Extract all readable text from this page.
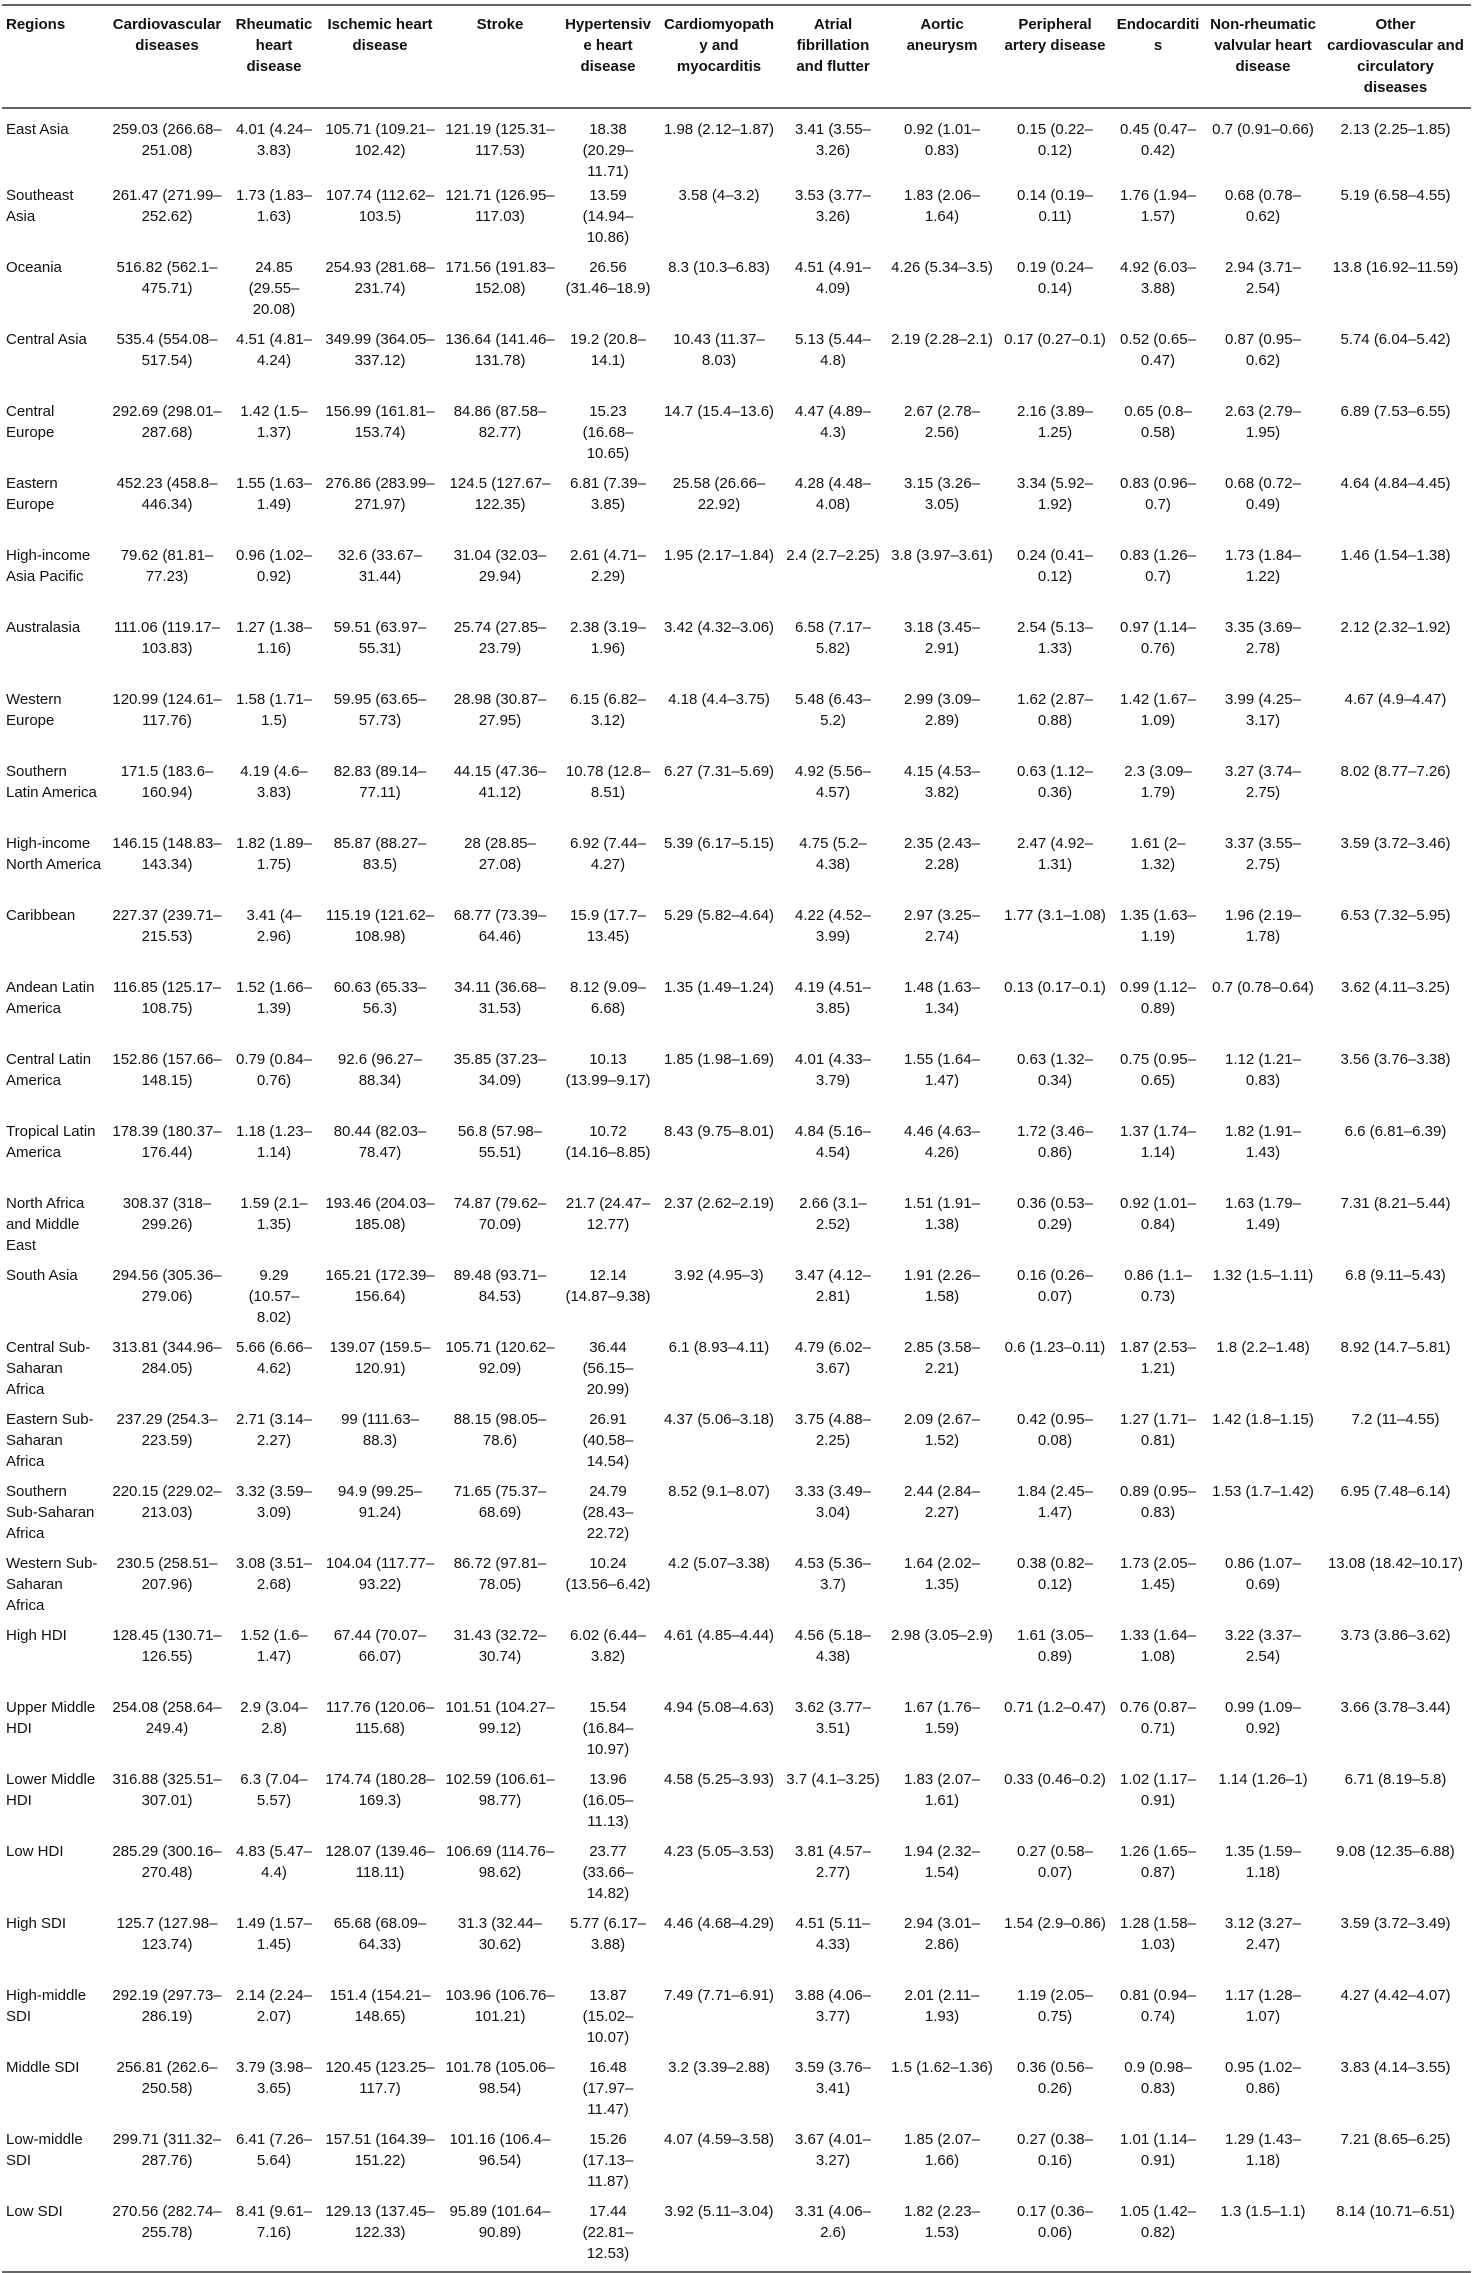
Regions	Cardiovascular diseases	Rheumatic heart disease	Ischemic heart disease	Stroke	Hypertensive heart disease	Cardiomyopathy and myocarditis	Atrial fibrillation and flutter	Aortic aneurysm	Peripheral artery disease	Endocarditis	Non-rheumatic valvular heart disease	Other cardiovascular and circulatory diseases
East Asia	259.03 (266.68–251.08)	4.01 (4.24–3.83)	105.71 (109.21–102.42)	121.19 (125.31–117.53)	18.38 (20.29–11.71)	1.98 (2.12–1.87)	3.41 (3.55–3.26)	0.92 (1.01–0.83)	0.15 (0.22–0.12)	0.45 (0.47–0.42)	0.7 (0.91–0.66)	2.13 (2.25–1.85)
Southeast Asia	261.47 (271.99–252.62)	1.73 (1.83–1.63)	107.74 (112.62–103.5)	121.71 (126.95–117.03)	13.59 (14.94–10.86)	3.58 (4–3.2)	3.53 (3.77–3.26)	1.83 (2.06–1.64)	0.14 (0.19–0.11)	1.76 (1.94–1.57)	0.68 (0.78–0.62)	5.19 (6.58–4.55)
Oceania	516.82 (562.1–475.71)	24.85 (29.55–20.08)	254.93 (281.68–231.74)	171.56 (191.83–152.08)	26.56 (31.46–18.9)	8.3 (10.3–6.83)	4.51 (4.91–4.09)	4.26 (5.34–3.5)	0.19 (0.24–0.14)	4.92 (6.03–3.88)	2.94 (3.71–2.54)	13.8 (16.92–11.59)
Central Asia	535.4 (554.08–517.54)	4.51 (4.81–4.24)	349.99 (364.05–337.12)	136.64 (141.46–131.78)	19.2 (20.8–14.1)	10.43 (11.37–8.03)	5.13 (5.44–4.8)	2.19 (2.28–2.1)	0.17 (0.27–0.1)	0.52 (0.65–0.47)	0.87 (0.95–0.62)	5.74 (6.04–5.42)
Central Europe	292.69 (298.01–287.68)	1.42 (1.5–1.37)	156.99 (161.81–153.74)	84.86 (87.58–82.77)	15.23 (16.68–10.65)	14.7 (15.4–13.6)	4.47 (4.89–4.3)	2.67 (2.78–2.56)	2.16 (3.89–1.25)	0.65 (0.8–0.58)	2.63 (2.79–1.95)	6.89 (7.53–6.55)
Eastern Europe	452.23 (458.8–446.34)	1.55 (1.63–1.49)	276.86 (283.99–271.97)	124.5 (127.67–122.35)	6.81 (7.39–3.85)	25.58 (26.66–22.92)	4.28 (4.48–4.08)	3.15 (3.26–3.05)	3.34 (5.92–1.92)	0.83 (0.96–0.7)	0.68 (0.72–0.49)	4.64 (4.84–4.45)
High-income Asia Pacific	79.62 (81.81–77.23)	0.96 (1.02–0.92)	32.6 (33.67–31.44)	31.04 (32.03–29.94)	2.61 (4.71–2.29)	1.95 (2.17–1.84)	2.4 (2.7–2.25)	3.8 (3.97–3.61)	0.24 (0.41–0.12)	0.83 (1.26–0.7)	1.73 (1.84–1.22)	1.46 (1.54–1.38)
Australasia	111.06 (119.17–103.83)	1.27 (1.38–1.16)	59.51 (63.97–55.31)	25.74 (27.85–23.79)	2.38 (3.19–1.96)	3.42 (4.32–3.06)	6.58 (7.17–5.82)	3.18 (3.45–2.91)	2.54 (5.13–1.33)	0.97 (1.14–0.76)	3.35 (3.69–2.78)	2.12 (2.32–1.92)
Western Europe	120.99 (124.61–117.76)	1.58 (1.71–1.5)	59.95 (63.65–57.73)	28.98 (30.87–27.95)	6.15 (6.82–3.12)	4.18 (4.4–3.75)	5.48 (6.43–5.2)	2.99 (3.09–2.89)	1.62 (2.87–0.88)	1.42 (1.67–1.09)	3.99 (4.25–3.17)	4.67 (4.9–4.47)
Southern Latin America	171.5 (183.6–160.94)	4.19 (4.6–3.83)	82.83 (89.14–77.11)	44.15 (47.36–41.12)	10.78 (12.8–8.51)	6.27 (7.31–5.69)	4.92 (5.56–4.57)	4.15 (4.53–3.82)	0.63 (1.12–0.36)	2.3 (3.09–1.79)	3.27 (3.74–2.75)	8.02 (8.77–7.26)
High-income North America	146.15 (148.83–143.34)	1.82 (1.89–1.75)	85.87 (88.27–83.5)	28 (28.85–27.08)	6.92 (7.44–4.27)	5.39 (6.17–5.15)	4.75 (5.2–4.38)	2.35 (2.43–2.28)	2.47 (4.92–1.31)	1.61 (2–1.32)	3.37 (3.55–2.75)	3.59 (3.72–3.46)
Caribbean	227.37 (239.71–215.53)	3.41 (4–2.96)	115.19 (121.62–108.98)	68.77 (73.39–64.46)	15.9 (17.7–13.45)	5.29 (5.82–4.64)	4.22 (4.52–3.99)	2.97 (3.25–2.74)	1.77 (3.1–1.08)	1.35 (1.63–1.19)	1.96 (2.19–1.78)	6.53 (7.32–5.95)
Andean Latin America	116.85 (125.17–108.75)	1.52 (1.66–1.39)	60.63 (65.33–56.3)	34.11 (36.68–31.53)	8.12 (9.09–6.68)	1.35 (1.49–1.24)	4.19 (4.51–3.85)	1.48 (1.63–1.34)	0.13 (0.17–0.1)	0.99 (1.12–0.89)	0.7 (0.78–0.64)	3.62 (4.11–3.25)
Central Latin America	152.86 (157.66–148.15)	0.79 (0.84–0.76)	92.6 (96.27–88.34)	35.85 (37.23–34.09)	10.13 (13.99–9.17)	1.85 (1.98–1.69)	4.01 (4.33–3.79)	1.55 (1.64–1.47)	0.63 (1.32–0.34)	0.75 (0.95–0.65)	1.12 (1.21–0.83)	3.56 (3.76–3.38)
Tropical Latin America	178.39 (180.37–176.44)	1.18 (1.23–1.14)	80.44 (82.03–78.47)	56.8 (57.98–55.51)	10.72 (14.16–8.85)	8.43 (9.75–8.01)	4.84 (5.16–4.54)	4.46 (4.63–4.26)	1.72 (3.46–0.86)	1.37 (1.74–1.14)	1.82 (1.91–1.43)	6.6 (6.81–6.39)
North Africa and Middle East	308.37 (318–299.26)	1.59 (2.1–1.35)	193.46 (204.03–185.08)	74.87 (79.62–70.09)	21.7 (24.47–12.77)	2.37 (2.62–2.19)	2.66 (3.1–2.52)	1.51 (1.91–1.38)	0.36 (0.53–0.29)	0.92 (1.01–0.84)	1.63 (1.79–1.49)	7.31 (8.21–5.44)
South Asia	294.56 (305.36–279.06)	9.29 (10.57–8.02)	165.21 (172.39–156.64)	89.48 (93.71–84.53)	12.14 (14.87–9.38)	3.92 (4.95–3)	3.47 (4.12–2.81)	1.91 (2.26–1.58)	0.16 (0.26–0.07)	0.86 (1.1–0.73)	1.32 (1.5–1.11)	6.8 (9.11–5.43)
Central Sub-Saharan Africa	313.81 (344.96–284.05)	5.66 (6.66–4.62)	139.07 (159.5–120.91)	105.71 (120.62–92.09)	36.44 (56.15–20.99)	6.1 (8.93–4.11)	4.79 (6.02–3.67)	2.85 (3.58–2.21)	0.6 (1.23–0.11)	1.87 (2.53–1.21)	1.8 (2.2–1.48)	8.92 (14.7–5.81)
Eastern Sub-Saharan Africa	237.29 (254.3–223.59)	2.71 (3.14–2.27)	99 (111.63–88.3)	88.15 (98.05–78.6)	26.91 (40.58–14.54)	4.37 (5.06–3.18)	3.75 (4.88–2.25)	2.09 (2.67–1.52)	0.42 (0.95–0.08)	1.27 (1.71–0.81)	1.42 (1.8–1.15)	7.2 (11–4.55)
Southern Sub-Saharan Africa	220.15 (229.02–213.03)	3.32 (3.59–3.09)	94.9 (99.25–91.24)	71.65 (75.37–68.69)	24.79 (28.43–22.72)	8.52 (9.1–8.07)	3.33 (3.49–3.04)	2.44 (2.84–2.27)	1.84 (2.45–1.47)	0.89 (0.95–0.83)	1.53 (1.7–1.42)	6.95 (7.48–6.14)
Western Sub-Saharan Africa	230.5 (258.51–207.96)	3.08 (3.51–2.68)	104.04 (117.77–93.22)	86.72 (97.81–78.05)	10.24 (13.56–6.42)	4.2 (5.07–3.38)	4.53 (5.36–3.7)	1.64 (2.02–1.35)	0.38 (0.82–0.12)	1.73 (2.05–1.45)	0.86 (1.07–0.69)	13.08 (18.42–10.17)
High HDI	128.45 (130.71–126.55)	1.52 (1.6–1.47)	67.44 (70.07–66.07)	31.43 (32.72–30.74)	6.02 (6.44–3.82)	4.61 (4.85–4.44)	4.56 (5.18–4.38)	2.98 (3.05–2.9)	1.61 (3.05–0.89)	1.33 (1.64–1.08)	3.22 (3.37–2.54)	3.73 (3.86–3.62)
Upper Middle HDI	254.08 (258.64–249.4)	2.9 (3.04–2.8)	117.76 (120.06–115.68)	101.51 (104.27–99.12)	15.54 (16.84–10.97)	4.94 (5.08–4.63)	3.62 (3.77–3.51)	1.67 (1.76–1.59)	0.71 (1.2–0.47)	0.76 (0.87–0.71)	0.99 (1.09–0.92)	3.66 (3.78–3.44)
Lower Middle HDI	316.88 (325.51–307.01)	6.3 (7.04–5.57)	174.74 (180.28–169.3)	102.59 (106.61–98.77)	13.96 (16.05–11.13)	4.58 (5.25–3.93)	3.7 (4.1–3.25)	1.83 (2.07–1.61)	0.33 (0.46–0.2)	1.02 (1.17–0.91)	1.14 (1.26–1)	6.71 (8.19–5.8)
Low HDI	285.29 (300.16–270.48)	4.83 (5.47–4.4)	128.07 (139.46–118.11)	106.69 (114.76–98.62)	23.77 (33.66–14.82)	4.23 (5.05–3.53)	3.81 (4.57–2.77)	1.94 (2.32–1.54)	0.27 (0.58–0.07)	1.26 (1.65–0.87)	1.35 (1.59–1.18)	9.08 (12.35–6.88)
High SDI	125.7 (127.98–123.74)	1.49 (1.57–1.45)	65.68 (68.09–64.33)	31.3 (32.44–30.62)	5.77 (6.17–3.88)	4.46 (4.68–4.29)	4.51 (5.11–4.33)	2.94 (3.01–2.86)	1.54 (2.9–0.86)	1.28 (1.58–1.03)	3.12 (3.27–2.47)	3.59 (3.72–3.49)
High-middle SDI	292.19 (297.73–286.19)	2.14 (2.24–2.07)	151.4 (154.21–148.65)	103.96 (106.76–101.21)	13.87 (15.02–10.07)	7.49 (7.71–6.91)	3.88 (4.06–3.77)	2.01 (2.11–1.93)	1.19 (2.05–0.75)	0.81 (0.94–0.74)	1.17 (1.28–1.07)	4.27 (4.42–4.07)
Middle SDI	256.81 (262.6–250.58)	3.79 (3.98–3.65)	120.45 (123.25–117.7)	101.78 (105.06–98.54)	16.48 (17.97–11.47)	3.2 (3.39–2.88)	3.59 (3.76–3.41)	1.5 (1.62–1.36)	0.36 (0.56–0.26)	0.9 (0.98–0.83)	0.95 (1.02–0.86)	3.83 (4.14–3.55)
Low-middle SDI	299.71 (311.32–287.76)	6.41 (7.26–5.64)	157.51 (164.39–151.22)	101.16 (106.4–96.54)	15.26 (17.13–11.87)	4.07 (4.59–3.58)	3.67 (4.01–3.27)	1.85 (2.07–1.66)	0.27 (0.38–0.16)	1.01 (1.14–0.91)	1.29 (1.43–1.18)	7.21 (8.65–6.25)
Low SDI	270.56 (282.74–255.78)	8.41 (9.61–7.16)	129.13 (137.45–122.33)	95.89 (101.64–90.89)	17.44 (22.81–12.53)	3.92 (5.11–3.04)	3.31 (4.06–2.6)	1.82 (2.23–1.53)	0.17 (0.36–0.06)	1.05 (1.42–0.82)	1.3 (1.5–1.1)	8.14 (10.71–6.51)
